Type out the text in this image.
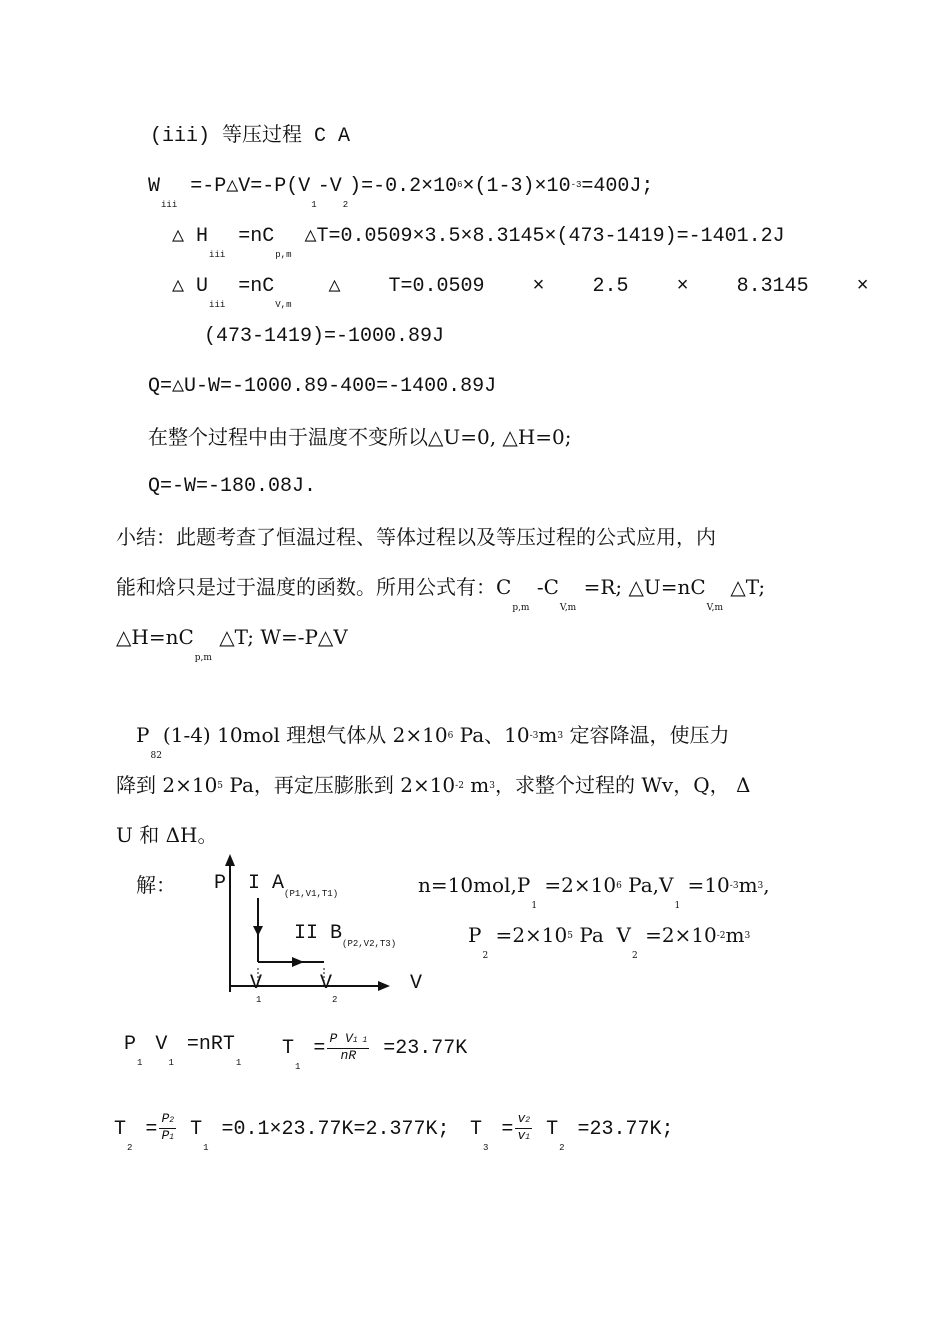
(iii) 等压过程 C A
$W_{iii}$ $=-P\triangle V=-P(V_1-V_2)=-0.2\times 10^6\times(1-3)\times 10^{-3}=400J$;
△ $H_{iii} =nC_{p,m}$ △T=0.0509×3.5×8.3145×(473-1419)=-1401.2J
△ $U_{iii} =nC_{V,m}$   △    T=0.0509    ×    2.5    ×    8.3145    ×
(473-1419)=-1000.89J
Q=△U-W=-1000.89-400=-1400.89J
在整个过程中由于温度不变所以△U=0, △H=0;
Q=-W=-180.08J.
小结：此题考查了恒温过程、等体过程以及等压过程的公式应用，内
能和焓只是过于温度的函数。所用公式有：$C_{p,m}$ $-C_{V,m} =R$; $\triangle U=nC_{V,m}$ △T;
$\triangle H=nC_{p,m}$ △T; W=-P△V
$P_{82}(1-4)$ 10mol 理想气体从 $2\times 10^6$ Pa、$10^{-3}m^3$ 定容降温，使压力
降到 $2\times 10^5$ Pa，再定压膨胀到 $2\times 10^{-2}$ $m^3$，求整个过程的 Wv，Q， Δ
U 和 ΔH。
解： P
V
I $A_{(P1,V1,T1)}$
II $B_{(P2,V2,T3)}$
$V_1$
$V_2$
$n=10mol,P_1 =2\times 10^6$ $Pa,V_1 =10^{-3}m^3$,
$P_2 =2\times 10^5$ Pa  $V_2 =2\times 10^{-2}m^3$
$P_1$ $V_1 =nRT_1$
$T_1 = \frac{\text{P V1 1}}{nR} =23.77K$
$T_2 = \frac{P2}{P1} T_1 =0.1\times 23.77K=2.377K$; $T_3 = \frac{v2}{v1} T_2 =23.77K$;
